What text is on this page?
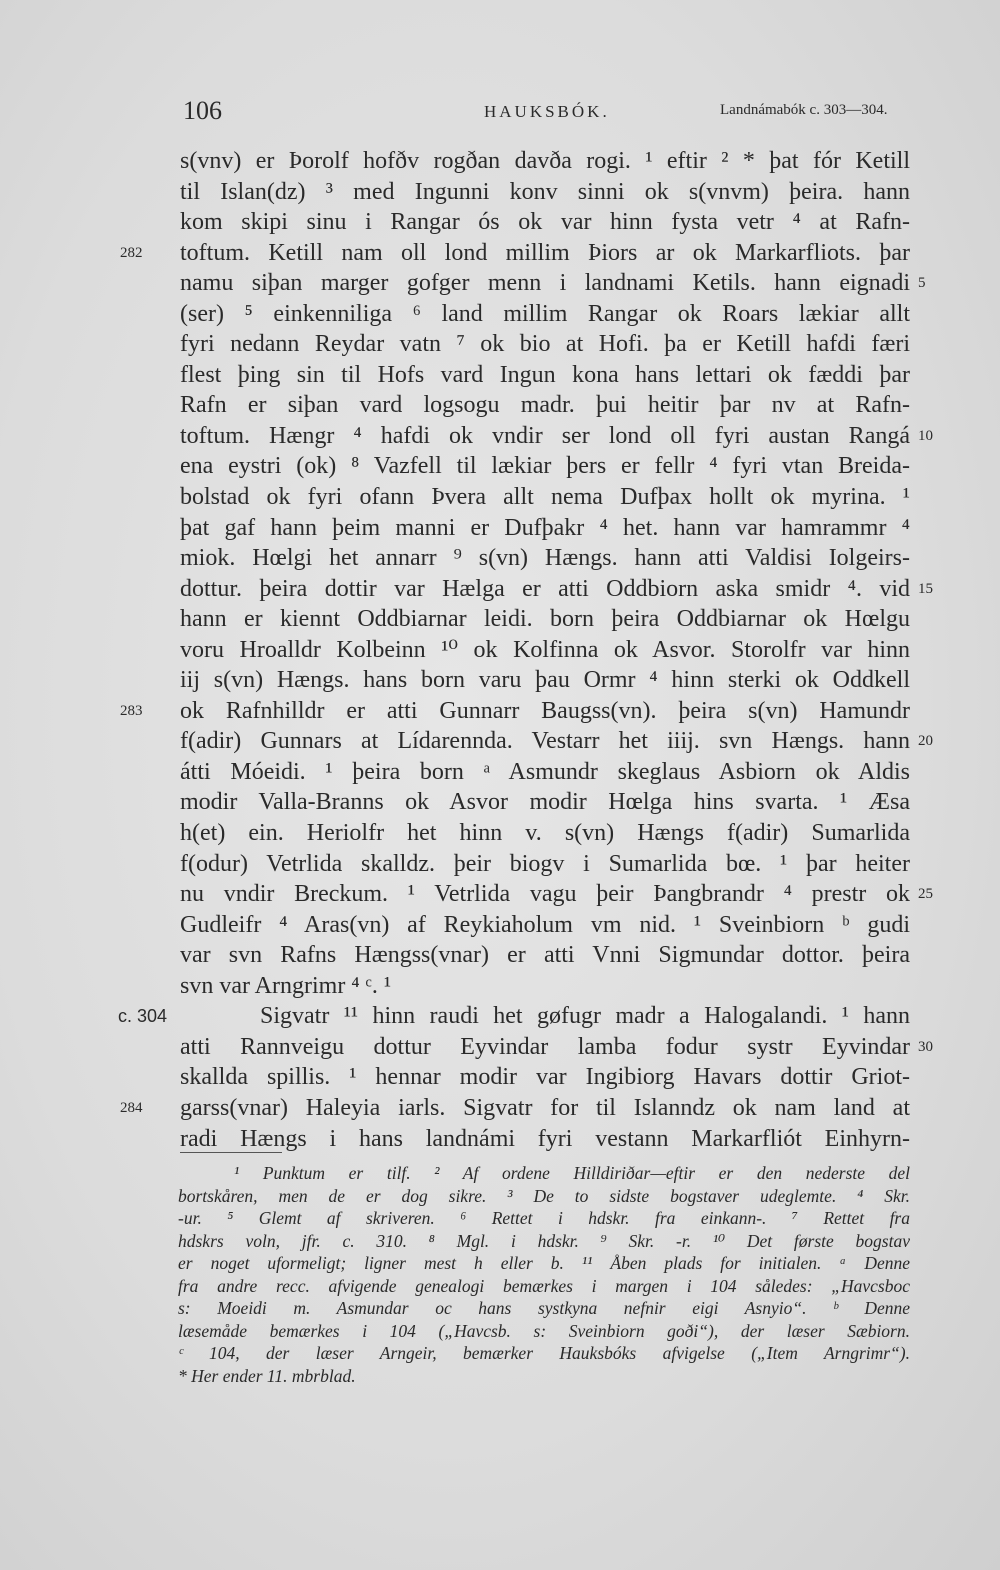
106	HAUKSBÓK.	Landnámabók c. 303—304.
s(vnv) er Þorolf hofðv rogðan davða rogi. ¹ eftir ² * þat fór Ketill
til Islan(dz) ³ med Ingunni konv sinni ok s(vnvm) þeira. hann
kom skipi sinu i Rangar ós ok var hinn fysta vetr ⁴ at Rafn-
toftum. Ketill nam oll lond millim Þiors ar ok Markarfliots. þar
282
namu siþan marger gofger menn i landnami Ketils. hann eignadi 5
(ser) ⁵ einkenniliga ⁶ land millim Rangar ok Roars lækiar allt
fyri nedann Reydar vatn ⁷ ok bio at Hofi. þa er Ketill hafdi færi
flest þing sin til Hofs vard Ingun kona hans lettari ok fæddi þar
Rafn er siþan vard logsogu madr. þui heitir þar nv at Rafn-
toftum. Hængr ⁴ hafdi ok vndir ser lond oll fyri austan Rangá 10
ena eystri (ok) ⁸ Vazfell til lækiar þers er fellr ⁴ fyri vtan Breida-
bolstad ok fyri ofann Þvera allt nema Dufþax hollt ok myrina. ¹
þat gaf hann þeim manni er Dufþakr ⁴ het. hann var hamrammr ⁴
miok. Hœlgi het annarr ⁹ s(vn) Hængs. hann atti Valdisi Iolgeirs-
dottur. þeira dottir var Hælga er atti Oddbiorn aska smidr ⁴. vid 15
hann er kiennt Oddbiarnar leidi. born þeira Oddbiarnar ok Hœlgu
voru Hroalldr Kolbeinn ¹⁰ ok Kolfinna ok Asvor. Storolfr var hinn
iij s(vn) Hængs. hans born varu þau Ormr ⁴ hinn sterki ok Oddkell
ok Rafnhilldr er atti Gunnarr Baugss(vn). þeira s(vn) Hamundr
283
f(adir) Gunnars at Lídarennda. Vestarr het iiij. svn Hængs. hann 20
átti Móeidi. ¹ þeira born ᵃ Asmundr skeglaus Asbiorn ok Aldis
modir Valla-Branns ok Asvor modir Hœlga hins svarta. ¹ Æsa
h(et) ein. Heriolfr het hinn v. s(vn) Hængs f(adir) Sumarlida
f(odur) Vetrlida skalldz. þeir biogv i Sumarlida bœ. ¹ þar heiter
nu vndir Breckum. ¹ Vetrlida vagu þeir Þangbrandr ⁴ prestr ok 25
Gudleifr ⁴ Aras(vn) af Reykiaholum vm nid. ¹ Sveinbiorn ᵇ gudi
var svn Rafns Hængss(vnar) er atti Vnni Sigmundar dottor. þeira
svn var Arngrimr ⁴ ᶜ. ¹
Sigvatr ¹¹ hinn raudi het gøfugr madr a Halogalandi. ¹ hann
c. 304
atti Rannveigu dottur Eyvindar lamba fodur systr Eyvindar 30
skallda spillis. ¹ hennar modir var Ingibiorg Havars dottir Griot-
garss(vnar) Haleyia iarls. Sigvatr for til Islanndz ok nam land at
284
radi Hængs i hans landnámi fyri vestann Markarfliót Einhyrn-
¹ Punktum er tilf. ² Af ordene Hilldiriðar—eftir er den nederste del
bortskåren, men de er dog sikre. ³ De to sidste bogstaver udeglemte. ⁴ Skr.
-ur. ⁵ Glemt af skriveren. ⁶ Rettet i hdskr. fra einkann-. ⁷ Rettet fra
hdskrs voln, jfr. c. 310. ⁸ Mgl. i hdskr. ⁹ Skr. -r. ¹⁰ Det første bogstav
er noget uformeligt; ligner mest h eller b. ¹¹ Åben plads for initialen. ᵃ Denne
fra andre recc. afvigende genealogi bemærkes i margen i 104 således: „Havcsboc
s: Moeidi m. Asmundar oc hans systkyna nefnir eigi Asnyio“. ᵇ Denne
læsemåde bemærkes i 104 („Havcsb. s: Sveinbiorn goði“), der læser Sæbiorn.
ᶜ 104, der læser Arngeir, bemærker Hauksbóks afvigelse („Item Arngrimr“).
* Her ender 11. mbrblad.
